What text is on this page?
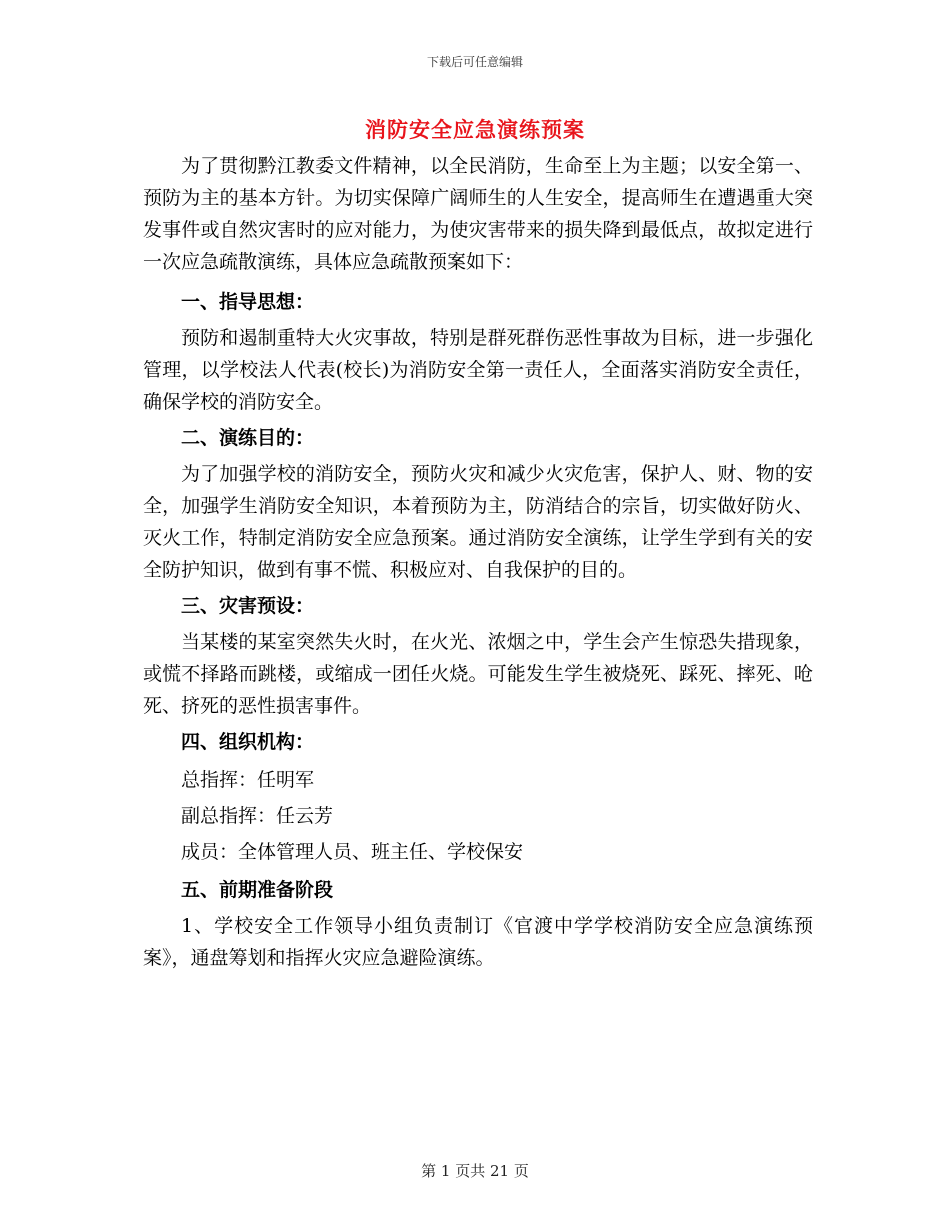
下载后可任意编辑
消防安全应急演练预案

为了贯彻黔江教委文件精神，以全民消防，生命至上为主题；以安全第一、预防为主的基本方针。为切实保障广阔师生的人生安全，提高师生在遭遇重大突发事件或自然灾害时的应对能力，为使灾害带来的损失降到最低点，故拟定进行一次应急疏散演练，具体应急疏散预案如下：

一、指导思想：

预防和遏制重特大火灾事故，特别是群死群伤恶性事故为目标，进一步强化管理，以学校法人代表(校长)为消防安全第一责任人，全面落实消防安全责任，确保学校的消防安全。

二、演练目的：

为了加强学校的消防安全，预防火灾和减少火灾危害，保护人、财、物的安全，加强学生消防安全知识，本着预防为主，防消结合的宗旨，切实做好防火、灭火工作，特制定消防安全应急预案。通过消防安全演练，让学生学到有关的安全防护知识，做到有事不慌、积极应对、自我保护的目的。

三、灾害预设：

当某楼的某室突然失火时，在火光、浓烟之中，学生会产生惊恐失措现象，或慌不择路而跳楼，或缩成一团任火烧。可能发生学生被烧死、踩死、摔死、呛死、挤死的恶性损害事件。

四、组织机构：

总指挥：任明军

副总指挥：任云芳

成员：全体管理人员、班主任、学校保安

五、前期准备阶段

1、学校安全工作领导小组负责制订《官渡中学学校消防安全应急演练预案》，通盘筹划和指挥火灾应急避险演练。

第 1 页共 21 页
